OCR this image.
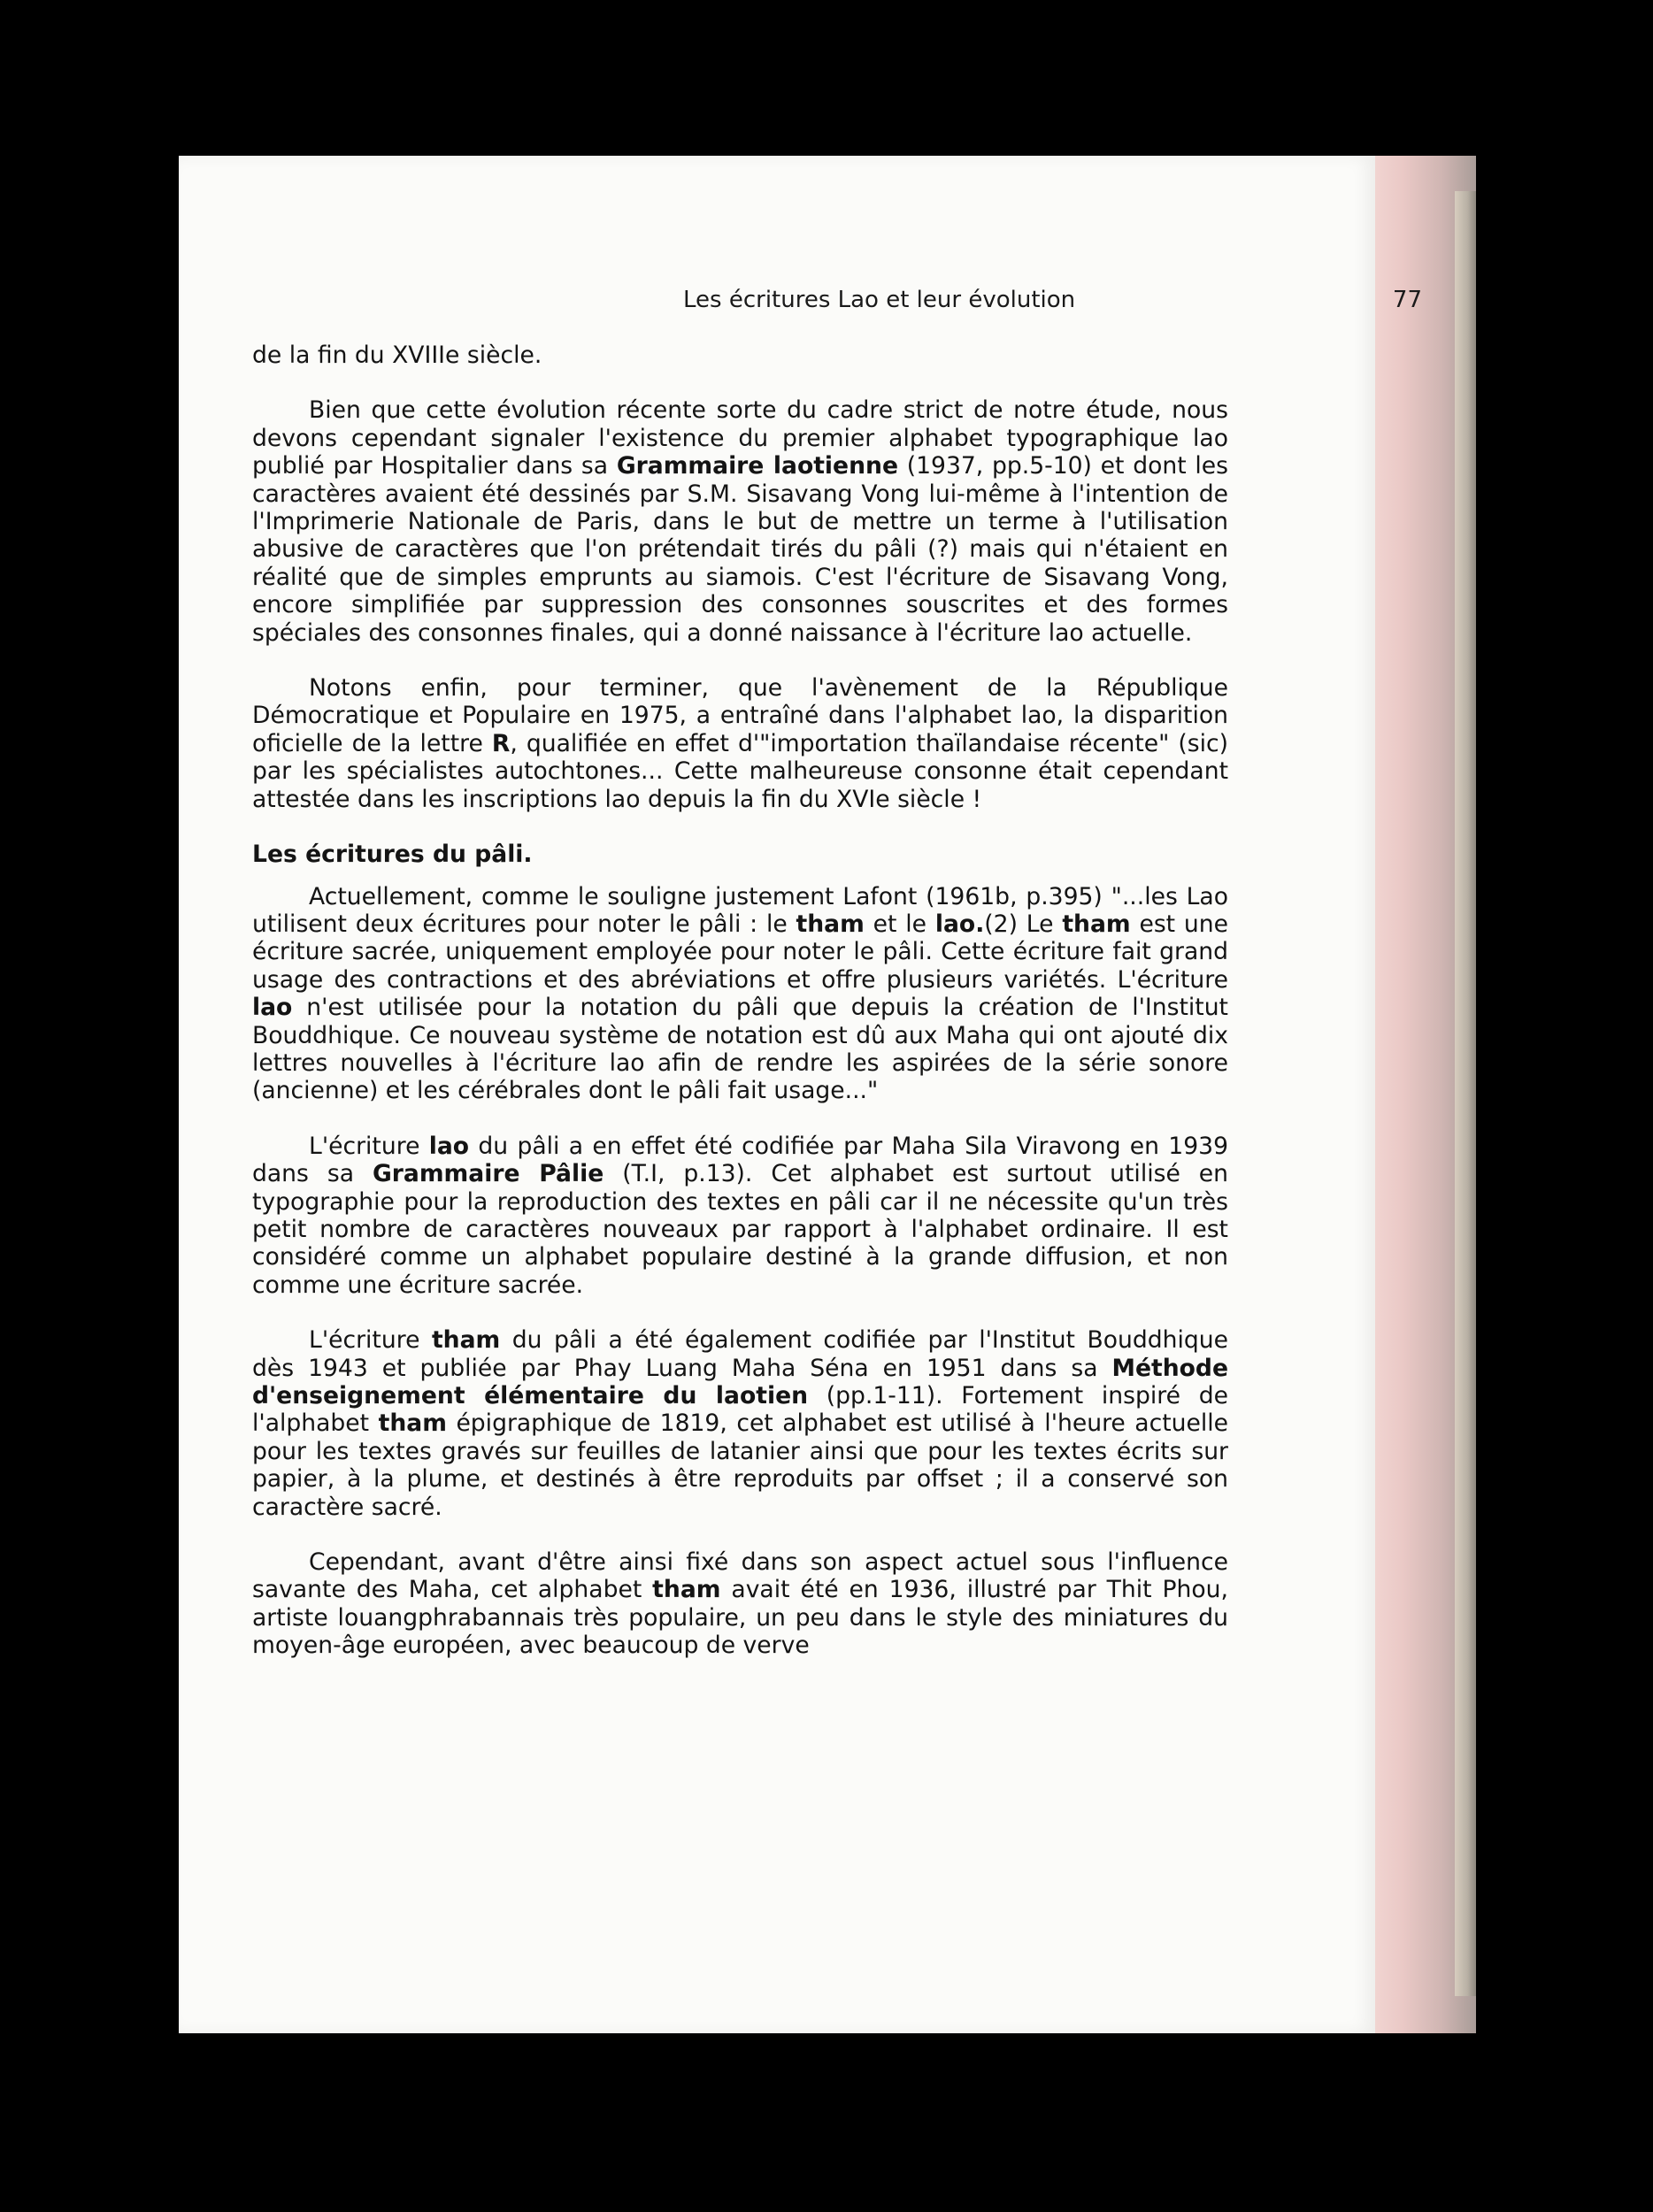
Les écritures Lao et leur évolution	77

de la fin du XVIIIe siècle.

Bien que cette évolution récente sorte du cadre strict de notre étude, nous devons cependant signaler l'existence du premier alphabet typographique lao publié par Hospitalier dans sa Grammaire laotienne (1937, pp.5-10) et dont les caractères avaient été dessinés par S.M. Sisavang Vong lui-même à l'intention de l'Imprimerie Nationale de Paris, dans le but de mettre un terme à l'utilisation abusive de caractères que l'on prétendait tirés du pâli (?) mais qui n'étaient en réalité que de simples emprunts au siamois. C'est l'écriture de Sisavang Vong, encore simplifiée par suppression des consonnes souscrites et des formes spéciales des consonnes finales, qui a donné naissance à l'écriture lao actuelle.

Notons enfin, pour terminer, que l'avènement de la République Démocratique et Populaire en 1975, a entraîné dans l'alphabet lao, la disparition oficielle de la lettre R, qualifiée en effet d'"importation thaïlandaise récente" (sic) par les spécialistes autochtones... Cette malheureuse consonne était cependant attestée dans les inscriptions lao depuis la fin du XVIe siècle !

Les écritures du pâli.

Actuellement, comme le souligne justement Lafont (1961b, p.395) "...les Lao utilisent deux écritures pour noter le pâli : le tham et le lao.(2) Le tham est une écriture sacrée, uniquement employée pour noter le pâli. Cette écriture fait grand usage des contractions et des abréviations et offre plusieurs variétés. L'écriture lao n'est utilisée pour la notation du pâli que depuis la création de l'Institut Bouddhique. Ce nouveau système de notation est dû aux Maha qui ont ajouté dix lettres nouvelles à l'écriture lao afin de rendre les aspirées de la série sonore (ancienne) et les cérébrales dont le pâli fait usage..."

L'écriture lao du pâli a en effet été codifiée par Maha Sila Viravong en 1939 dans sa Grammaire Pâlie (T.I, p.13). Cet alphabet est surtout utilisé en typographie pour la reproduction des textes en pâli car il ne nécessite qu'un très petit nombre de caractères nouveaux par rapport à l'alphabet ordinaire. Il est considéré comme un alphabet populaire destiné à la grande diffusion, et non comme une écriture sacrée.

L'écriture tham du pâli a été également codifiée par l'Institut Bouddhique dès 1943 et publiée par Phay Luang Maha Séna en 1951 dans sa Méthode d'enseignement élémentaire du laotien (pp.1-11). Fortement inspiré de l'alphabet tham épigraphique de 1819, cet alphabet est utilisé à l'heure actuelle pour les textes gravés sur feuilles de latanier ainsi que pour les textes écrits sur papier, à la plume, et destinés à être reproduits par offset ; il a conservé son caractère sacré.

Cependant, avant d'être ainsi fixé dans son aspect actuel sous l'influence savante des Maha, cet alphabet tham avait été en 1936, illustré par Thit Phou, artiste louangphrabannais très populaire, un peu dans le style des miniatures du moyen-âge européen, avec beaucoup de verve
